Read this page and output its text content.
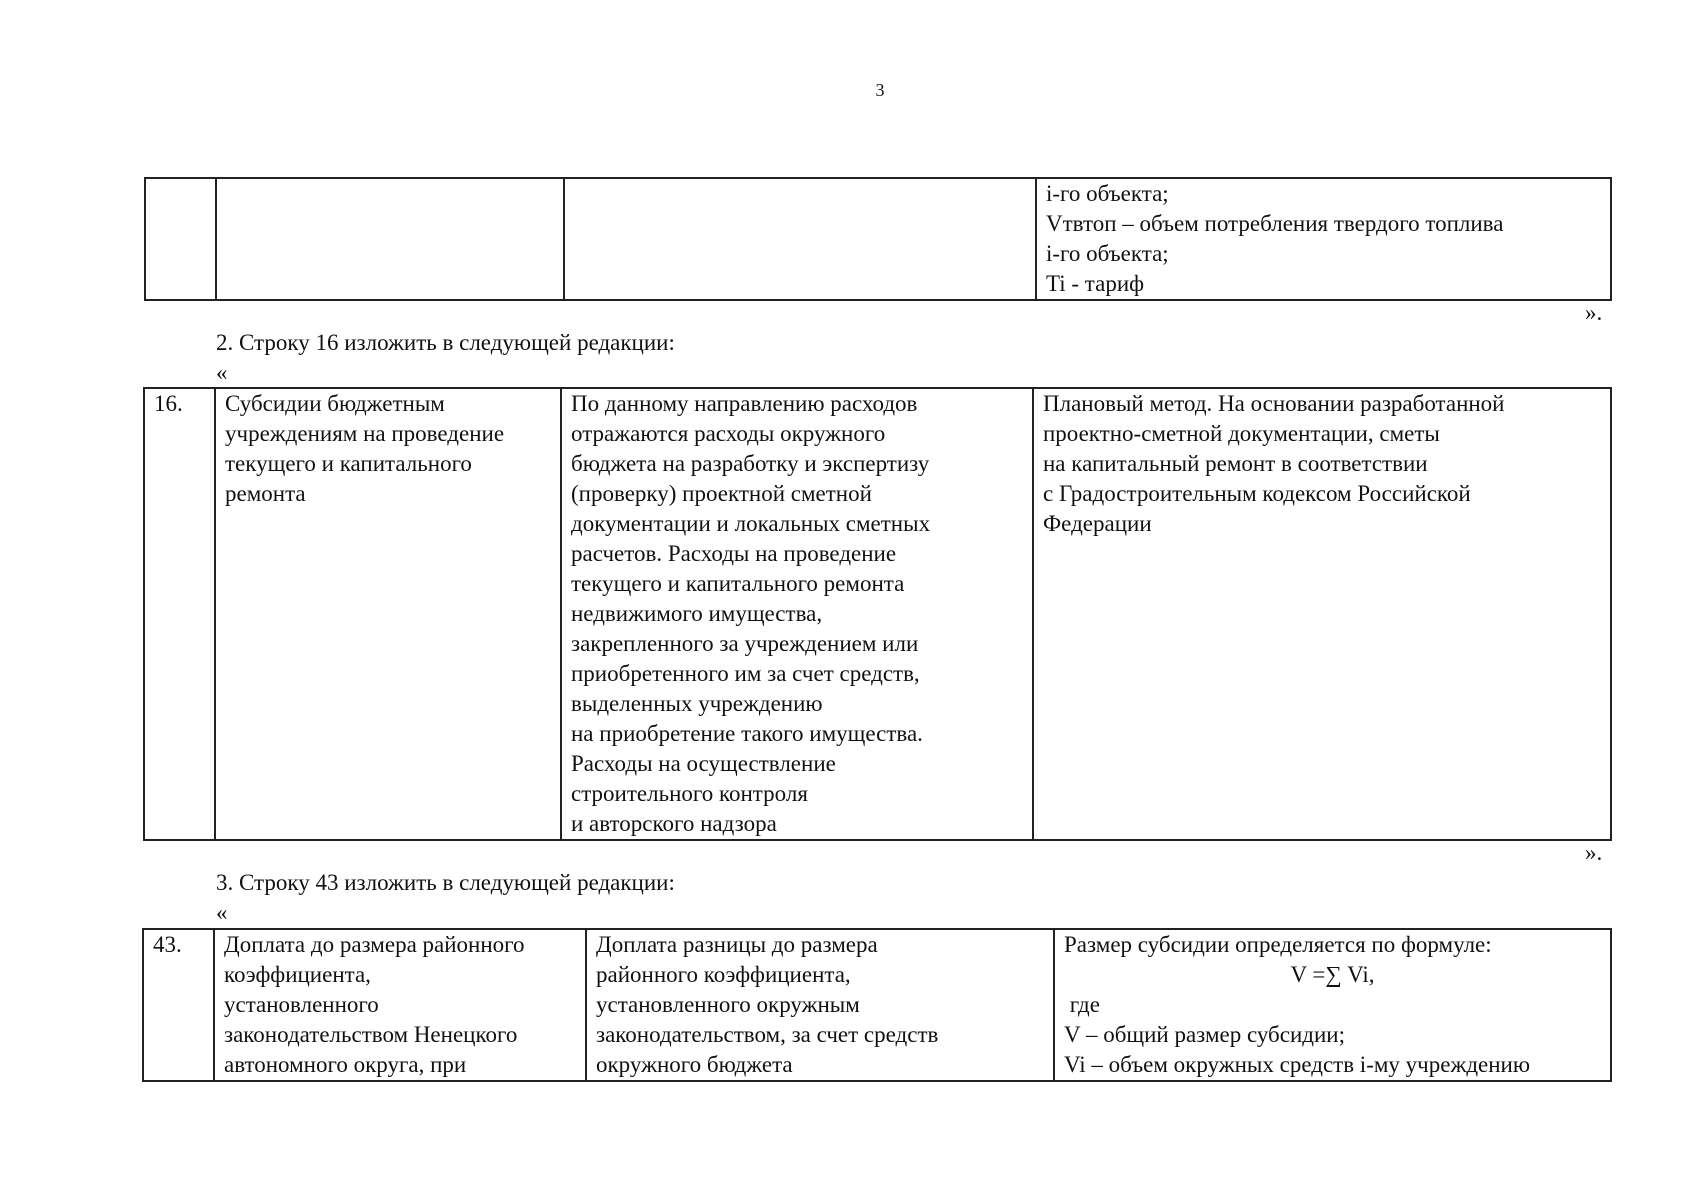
3

i-го объекта;
Vтвтоп – объем потребления твердого топлива
i-го объекта;
Ti - тариф
».
2. Строку 16 изложить в следующей редакции:
«
16.	Субсидии бюджетным
учреждениям на проведение
текущего и капитального
ремонта

По данному направлению расходов
отражаются расходы окружного
бюджета на разработку и экспертизу
(проверку) проектной сметной
документации и локальных сметных
расчетов. Расходы на проведение
текущего и капитального ремонта
недвижимого имущества,
закрепленного за учреждением или
приобретенного им за счет средств,
выделенных учреждению
на приобретение такого имущества.
Расходы на осуществление
строительного контроля
и авторского надзора

Плановый метод. На основании разработанной
проектно-сметной документации, сметы
на капитальный ремонт в соответствии
с Градостроительным кодексом Российской
Федерации
».
3. Строку 43 изложить в следующей редакции:
«
43.	Доплата до размера районного
коэффициента,
установленного
законодательством Ненецкого
автономного округа, при

Доплата разницы до размера
районного коэффициента,
установленного окружным
законодательством, за счет средств
окружного бюджета

Размер субсидии определяется по формуле:
V =∑ Vi,
где
V – общий размер субсидии;
Vi – объем окружных средств i-му учреждению
